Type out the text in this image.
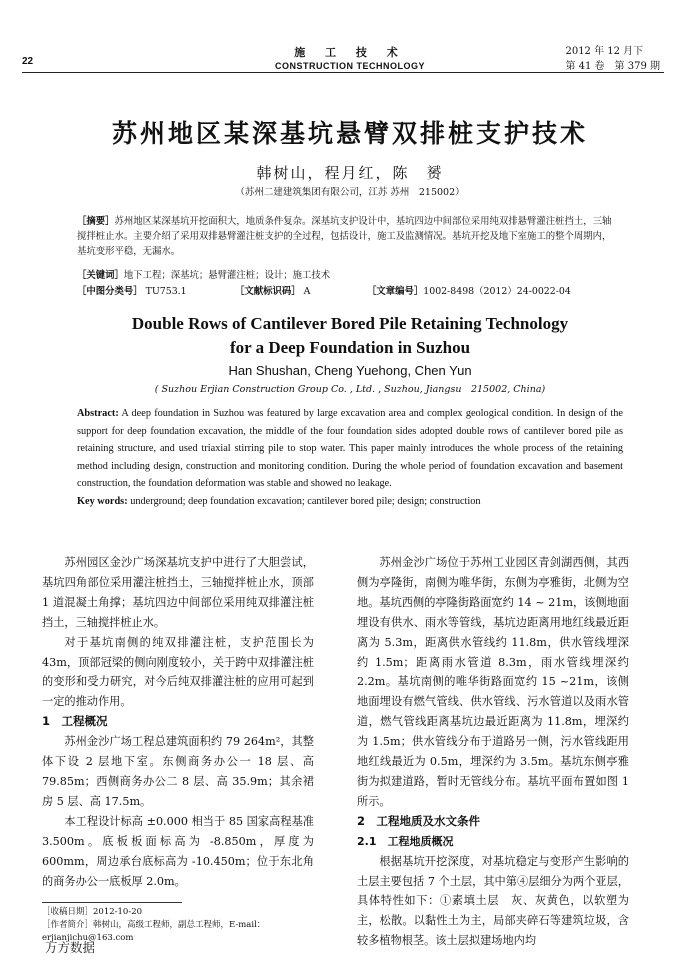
22
施 工 技 术
CONSTRUCTION TECHNOLOGY
2012 年 12 月下
第 41 卷　第 379 期
苏州地区某深基坑悬臂双排桩支护技术
韩树山，程月红，陈　赟
（苏州二建建筑集团有限公司，江苏 苏州　215002）
［摘要］苏州地区某深基坑开挖面积大，地质条件复杂。深基坑支护设计中，基坑四边中间部位采用纯双排悬臂灌注桩挡土，三轴搅拌桩止水。主要介绍了采用双排悬臂灌注桩支护的全过程，包括设计，施工及监测情况。基坑开挖及地下室施工的整个周期内，基坑变形平稳，无漏水。
［关键词］地下工程；深基坑；悬臂灌注桩；设计；施工技术
［中图分类号］ TU753.1	［文献标识码］ A	［文章编号］1002-8498（2012）24-0022-04
Double Rows of Cantilever Bored Pile Retaining Technology
for a Deep Foundation in Suzhou
Han Shushan, Cheng Yuehong, Chen Yun
( Suzhou Erjian Construction Group Co. , Ltd. , Suzhou, Jiangsu　215002, China)
Abstract: A deep foundation in Suzhou was featured by large excavation area and complex geological condition. In design of the support for deep foundation excavation, the middle of the four foundation sides adopted double rows of cantilever bored pile as retaining structure, and used triaxial stirring pile to stop water. This paper mainly introduces the whole process of the retaining method including design, construction and monitoring condition. During the whole period of foundation excavation and basement construction, the foundation deformation was stable and showed no leakage.
Key words: underground; deep foundation excavation; cantilever bored pile; design; construction

苏州园区金沙广场深基坑支护中进行了大胆尝试，基坑四角部位采用灌注桩挡土，三轴搅拌桩止水，顶部 1 道混凝土角撑；基坑四边中间部位采用纯双排灌注桩挡土，三轴搅拌桩止水。

对于基坑南侧的纯双排灌注桩，支护范围长为 43m，顶部冠梁的侧向刚度较小，关于跨中双排灌注桩的变形和受力研究，对今后纯双排灌注桩的应用可起到一定的推动作用。

1　工程概况

苏州金沙广场工程总建筑面积约 79 264m²，其整体下设 2 层地下室。东侧商务办公一 18 层、高 79.85m；西侧商务办公二 8 层、高 35.9m；其余裙房 5 层、高 17.5m。

本工程设计标高 ±0.000 相当于 85 国家高程基准 3.500m。底板板面标高为 -8.850m，厚度为 600mm，周边承台底标高为 -10.450m；位于东北角的商务办公一底板厚 2.0m。

苏州金沙广场位于苏州工业园区青剑湖西侧，其西侧为亭隆街，南侧为唯华街，东侧为亭雅街，北侧为空地。基坑西侧的亭隆街路面宽约 14 ~ 21m，该侧地面埋设有供水、雨水等管线，基坑边距离用地红线最近距离为 5.3m，距离供水管线约 11.8m，供水管线埋深约 1.5m；距离雨水管道 8.3m，雨水管线埋深约 2.2m。基坑南侧的唯华街路面宽约 15 ~21m，该侧地面埋设有燃气管线、供水管线、污水管道以及雨水管道，燃气管线距离基坑边最近距离为 11.8m，埋深约为 1.5m；供水管线分布于道路另一侧，污水管线距用地红线最近为 0.5m，埋深约为 3.5m。基坑东侧亭雅街为拟建道路，暂时无管线分布。基坑平面布置如图 1 所示。

2　工程地质及水文条件
2.1　工程地质概况

根据基坑开挖深度，对基坑稳定与变形产生影响的土层主要包括 7 个土层，其中第④层细分为两个亚层，具体特性如下：①素填土层　灰、灰黄色，以软塑为主，松散。以黏性土为主，局部夹碎石等建筑垃圾，含较多植物根茎。该土层拟建场地内均

［收稿日期］2012-10-20
［作者简介］韩树山，高级工程师，副总工程师，E-mail：erjianjichu@163.com
万方数据
